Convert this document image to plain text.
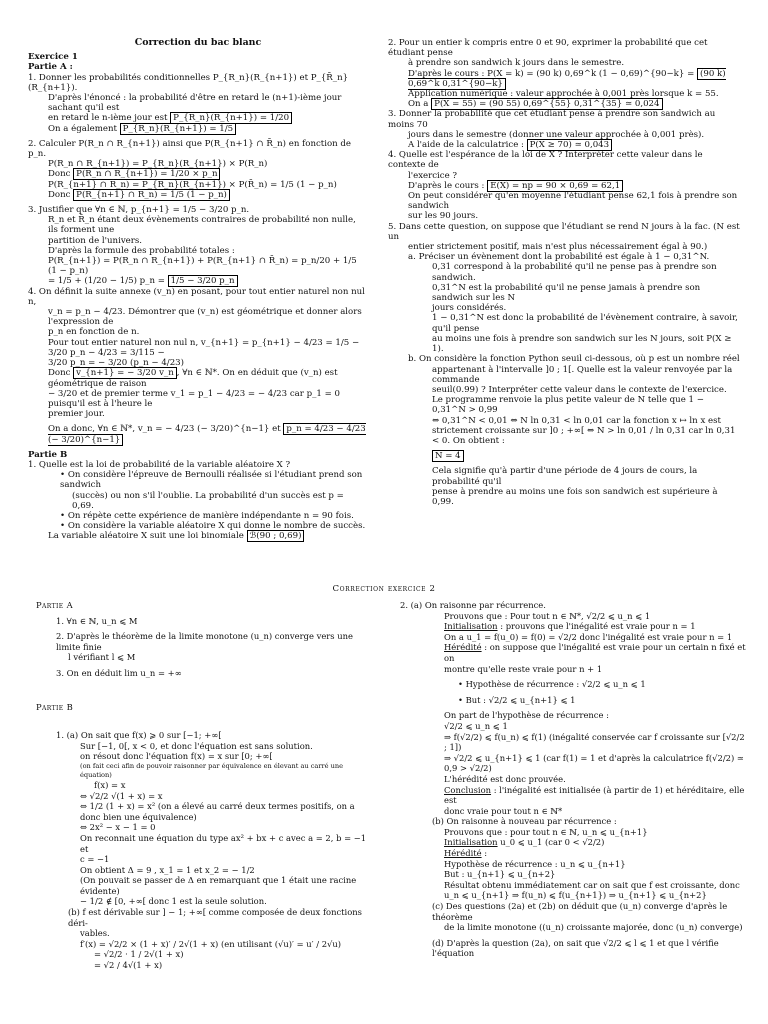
Correction du bac blanc

Exercice 1

Partie A :

1. Donner les probabilités conditionnelles P_{R_n}(R_{n+1}) et P_{R̄_n}(R_{n+1}).

D'après l'énoncé : la probabilité d'être en retard le (n+1)-ième jour sachant qu'il est

en retard le n-ième jour est P_{R_n}(R_{n+1}) = 1/20

On a également P_{R̄_n}(R_{n+1}) = 1/5

2. Calculer P(R_n ∩ R_{n+1}) ainsi que P(R_{n+1} ∩ R̄_n) en fonction de p_n.

P(R_n ∩ R_{n+1}) = P_{R_n}(R_{n+1}) × P(R_n)

Donc P(R_n ∩ R_{n+1}) = 1/20 × p_n

P(R_{n+1} ∩ R̄_n) = P_{R̄_n}(R_{n+1}) × P(R̄_n) = 1/5 (1 − p_n)

Donc P(R_{n+1} ∩ R̄_n) = 1/5 (1 − p_n)

3. Justifier que ∀n ∈ ℕ, p_{n+1} = 1/5 − 3/20 p_n.

R_n et R̄_n étant deux évènements contraires de probabilité non nulle, ils forment une

partition de l'univers.

D'après la formule des probabilité totales :

P(R_{n+1}) = P(R_n ∩ R_{n+1}) + P(R_{n+1} ∩ R̄_n) = p_n/20 + 1/5 (1 − p_n)

= 1/5 + (1/20 − 1/5) p_n = 1/5 − 3/20 p_n

4. On définit la suite annexe (v_n) en posant, pour tout entier naturel non nul n,

v_n = p_n − 4/23. Démontrer que (v_n) est géométrique et donner alors l'expression de

p_n en fonction de n.

Pour tout entier naturel non nul n, v_{n+1} = p_{n+1} − 4/23 = 1/5 − 3/20 p_n − 4/23 = 3/115 −

3/20 p_n = − 3/20 (p_n − 4/23)

Donc v_{n+1} = − 3/20 v_n , ∀n ∈ ℕ*. On en déduit que (v_n) est géométrique de raison

− 3/20 et de premier terme v_1 = p_1 − 4/23 = − 4/23 car p_1 = 0 puisqu'il est à l'heure le

premier jour.

On a donc, ∀n ∈ ℕ*, v_n = − 4/23 (− 3/20)^{n−1} et p_n = 4/23 − 4/23 (− 3/20)^{n−1}

Partie B

1. Quelle est la loi de probabilité de la variable aléatoire X ?

• On considère l'épreuve de Bernoulli réalisée si l'étudiant prend son sandwich

(succès) ou non s'il l'oublie. La probabilité d'un succès est p = 0,69.

• On répète cette expérience de manière indépendante n = 90 fois.

• On considère la variable aléatoire X qui donne le nombre de succès.

La variable aléatoire X suit une loi binomiale ℬ(90 ; 0,69)

2. Pour un entier k compris entre 0 et 90, exprimer la probabilité que cet étudiant pense

à prendre son sandwich k jours dans le semestre.

D'après le cours : P(X = k) = (90 k) 0,69^k (1 − 0,69)^{90−k} = (90 k) 0,69^k 0,31^{90−k}

Application numérique : valeur approchée à 0,001 près lorsque k = 55.

On a P(X = 55) = (90 55) 0,69^{55} 0,31^{35} ≃ 0,024

3. Donner la probabilité que cet étudiant pense à prendre son sandwich au moins 70

jours dans le semestre (donner une valeur approchée à 0,001 près).

A l'aide de la calculatrice : P(X ≥ 70) ≃ 0,043

4. Quelle est l'espérance de la loi de X ? Interpréter cette valeur dans le contexte de

l'exercice ?

D'après le cours : E(X) = np = 90 × 0,69 = 62,1

On peut considérer qu'en moyenne l'étudiant pense 62,1 fois à prendre son sandwich

sur les 90 jours.

5. Dans cette question, on suppose que l'étudiant se rend N jours à la fac. (N est un

entier strictement positif, mais n'est plus nécessairement égal à 90.)

a. Préciser un évènement dont la probabilité est égale à 1 − 0,31^N.

0,31 correspond à la probabilité qu'il ne pense pas à prendre son sandwich.

0,31^N est la probabilité qu'il ne pense jamais à prendre son sandwich sur les N

jours considérés.

1 − 0,31^N est donc la probabilité de l'évènement contraire, à savoir, qu'il pense

au moins une fois à prendre son sandwich sur les N jours, soit P(X ≥ 1).

b. On considère la fonction Python seuil ci-dessous, où p est un nombre réel

appartenant à l'intervalle ]0 ; 1[. Quelle est la valeur renvoyée par la commande

seuil(0.99) ? Interpréter cette valeur dans le contexte de l'exercice.

Le programme renvoie la plus petite valeur de N telle que 1 − 0,31^N > 0,99

⇔ 0,31^N < 0,01 ⇔ N ln 0,31 < ln 0,01 car la fonction x ↦ ln x est

strictement croissante sur ]0 ; +∞[ ⇔ N > ln 0,01 / ln 0,31 car ln 0,31 < 0. On obtient :

N = 4

Cela signifie qu'à partir d'une période de 4 jours de cours, la probabilité qu'il

pense à prendre au moins une fois son sandwich est supérieure à 0,99.

Correction exercice 2

Partie A

1. ∀n ∈ ℕ, u_n ⩽ M

2. D'après le théorème de la limite monotone (u_n) converge vers une limite finie

l vérifiant l ⩽ M

3. On en déduit lim u_n = +∞

Partie B

1. (a) On sait que f(x) ⩾ 0 sur [−1; +∞[

Sur [−1, 0[, x < 0, et donc l'équation est sans solution.

on résout donc l'équation f(x) = x sur [0; +∞[

(on fait ceci afin de pouvoir raisonner par équivalence en élevant au carré une équation)

f(x) = x

⇔ √2/2 √(1 + x) = x

⇔ 1/2 (1 + x) = x² (on a élevé au carré deux termes positifs, on a donc bien une équivalence)

⇔ 2x² − x − 1 = 0

On reconnait une équation du type ax² + bx + c avec a = 2, b = −1 et

c = −1

On obtient Δ = 9 , x_1 = 1 et x_2 = − 1/2

(On pouvait se passer de Δ en remarquant que 1 était une racine évidente)

− 1/2 ∉ [0, +∞[ donc 1 est la seule solution.

(b) f est dérivable sur ] − 1; +∞[ comme composée de deux fonctions déri-

vables.

f′(x) = √2/2 × (1 + x)′ / 2√(1 + x) (en utilisant (√u)′ = u′ / 2√u)

= √2/2 · 1 / 2√(1 + x)

= √2 / 4√(1 + x)

2. (a) On raisonne par récurrence.

Prouvons que : Pour tout n ∈ ℕ*, √2/2 ⩽ u_n ⩽ 1

Initialisation : prouvons que l'inégalité est vraie pour n = 1

On a u_1 = f(u_0) = f(0) = √2/2 donc l'inégalité est vraie pour n = 1

Hérédité : on suppose que l'inégalité est vraie pour un certain n fixé et on

montre qu'elle reste vraie pour n + 1

• Hypothèse de récurrence : √2/2 ⩽ u_n ⩽ 1

• But : √2/2 ⩽ u_{n+1} ⩽ 1

On part de l'hypothèse de récurrence :

√2/2 ⩽ u_n ⩽ 1

⇒ f(√2/2) ⩽ f(u_n) ⩽ f(1) (inégalité conservée car f croissante sur [√2/2 ; 1])

⇒ √2/2 ⩽ u_{n+1} ⩽ 1 (car f(1) = 1 et d'après la calculatrice f(√2/2) ≃ 0,9 > √2/2)

L'hérédité est donc prouvée.

Conclusion : l'inégalité est initialisée (à partir de 1) et héréditaire, elle est

donc vraie pour tout n ∈ ℕ*

(b) On raisonne à nouveau par récurrence :

Prouvons que : pour tout n ∈ ℕ, u_n ⩽ u_{n+1}

Initialisation u_0 ⩽ u_1 (car 0 < √2/2)

Hérédité :

Hypothèse de récurrence : u_n ⩽ u_{n+1}

But : u_{n+1} ⩽ u_{n+2}

Résultat obtenu immédiatement car on sait que f est croissante, donc

u_n ⩽ u_{n+1} ⇒ f(u_n) ⩽ f(u_{n+1}) ⇒ u_{n+1} ⩽ u_{n+2}

(c) Des questions (2a) et (2b) on déduit que (u_n) converge d'après le théorème

de la limite monotone ((u_n) croissante majorée, donc (u_n) converge)

(d) D'après la question (2a), on sait que √2/2 ⩽ l ⩽ 1 et que l vérifie l'équation
